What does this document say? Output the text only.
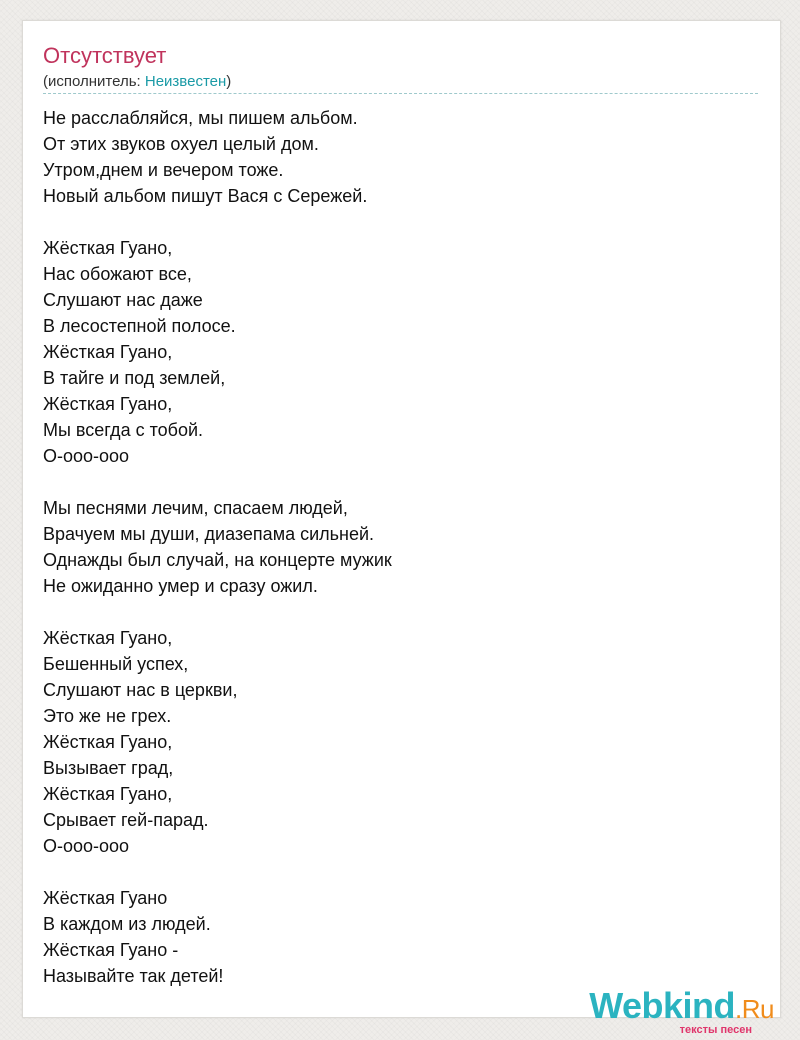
Отсутствует
(исполнитель: Неизвестен)
Не расслабляйся, мы пишем альбом.
От этих звуков охуел целый дом.
Утром,днем и вечером тоже.
Новый альбом пишут Вася с Сережей.
Жёсткая Гуано,
Нас обожают все,
Слушают нас даже
В лесостепной полосе.
Жёсткая Гуано,
В тайге и под землей,
Жёсткая Гуано,
Мы всегда с тобой.
О-ооо-ооо
Мы песнями лечим, спасаем людей,
Врачуем мы души, диазепама сильней.
Однажды был случай, на концерте мужик
Не ожиданно умер и сразу ожил.
Жёсткая Гуано,
Бешенный успех,
Слушают нас в церкви,
Это же не грех.
Жёсткая Гуано,
Вызывает град,
Жёсткая Гуано,
Срывает гей-парад.
О-ооо-ооо
Жёсткая Гуано
В каждом из людей.
Жёсткая Гуано -
Называйте так детей!
Webkind.Ru
тексты песен
